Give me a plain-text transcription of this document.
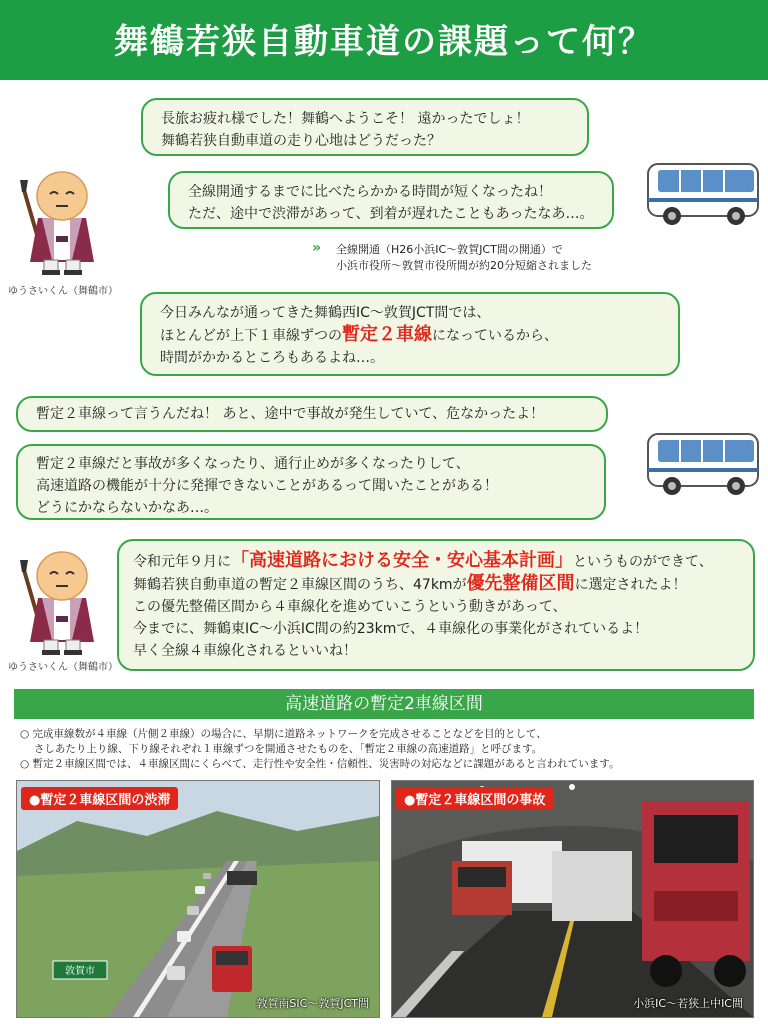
舞鶴若狭自動車道の課題って何？
ゆうさいくん（舞鶴市）
長旅お疲れ様でした！舞鶴へようこそ！ 遠かったでしょ！
舞鶴若狭自動車道の走り心地はどうだった？
全線開通するまでに比べたらかかる時間が短くなったね！
ただ、途中で渋滞があって、到着が遅れたこともあったなあ…。
» 全線開通（H26小浜IC～敦賀JCT間の開通）で
小浜市役所～敦賀市役所間が約20分短縮されました
今日みんなが通ってきた舞鶴西IC～敦賀JCT間では、
ほとんどが上下１車線ずつの暫定２車線になっているから、
時間がかかるところもあるよね…。
暫定２車線って言うんだね！ あと、途中で事故が発生していて、危なかったよ！
暫定２車線だと事故が多くなったり、通行止めが多くなったりして、
高速道路の機能が十分に発揮できないことがあるって聞いたことがある！
どうにかならないかなあ…。
ゆうさいくん（舞鶴市）
令和元年９月に「高速道路における安全・安心基本計画」というものができて、
舞鶴若狭自動車道の暫定２車線区間のうち、47kmが優先整備区間に選定されたよ！
この優先整備区間から４車線化を進めていこうという動きがあって、
今までに、舞鶴東IC～小浜IC間の約23kmで、４車線化の事業化がされているよ！
早く全線４車線化されるといいね！
高速道路の暫定2車線区間
○ 完成車線数が４車線（片側２車線）の場合に、早期に道路ネットワークを完成させることなどを目的として、
　 さしあたり上り線、下り線それぞれ１車線ずつを開通させたものを、「暫定２車線の高速道路」と呼びます。
○ 暫定２車線区間では、４車線区間にくらべて、走行性や安全性・信頼性、災害時の対応などに課題があると言われています。
敦賀市
●暫定２車線区間の渋滞
敦賀南SIC～敦賀JCT間
●暫定２車線区間の事故
小浜IC～若狭上中IC間
